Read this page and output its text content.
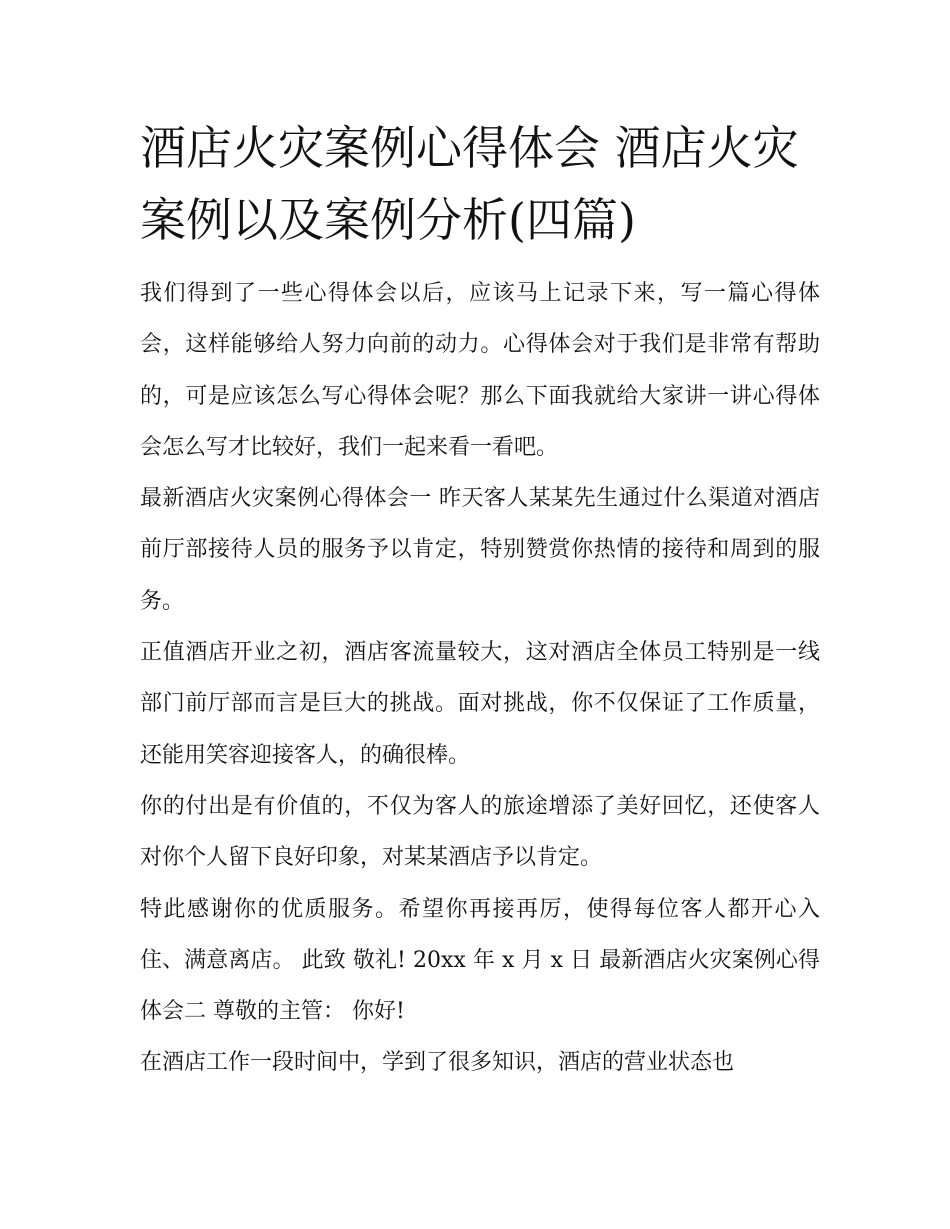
酒店火灾案例心得体会 酒店火灾案例以及案例分析(四篇)

我们得到了一些心得体会以后，应该马上记录下来，写一篇心得体会，这样能够给人努力向前的动力。心得体会对于我们是非常有帮助的，可是应该怎么写心得体会呢？那么下面我就给大家讲一讲心得体会怎么写才比较好，我们一起来看一看吧。

最新酒店火灾案例心得体会一 昨天客人某某先生通过什么渠道对酒店前厅部接待人员的服务予以肯定，特别赞赏你热情的接待和周到的服务。

正值酒店开业之初，酒店客流量较大，这对酒店全体员工特别是一线部门前厅部而言是巨大的挑战。面对挑战，你不仅保证了工作质量，还能用笑容迎接客人，的确很棒。

你的付出是有价值的，不仅为客人的旅途增添了美好回忆，还使客人对你个人留下良好印象，对某某酒店予以肯定。

特此感谢你的优质服务。希望你再接再厉，使得每位客人都开心入住、满意离店。 此致 敬礼! 20xx 年 x 月 x 日 最新酒店火灾案例心得体会二 尊敬的主管： 你好!

在酒店工作一段时间中，学到了很多知识，酒店的营业状态也
